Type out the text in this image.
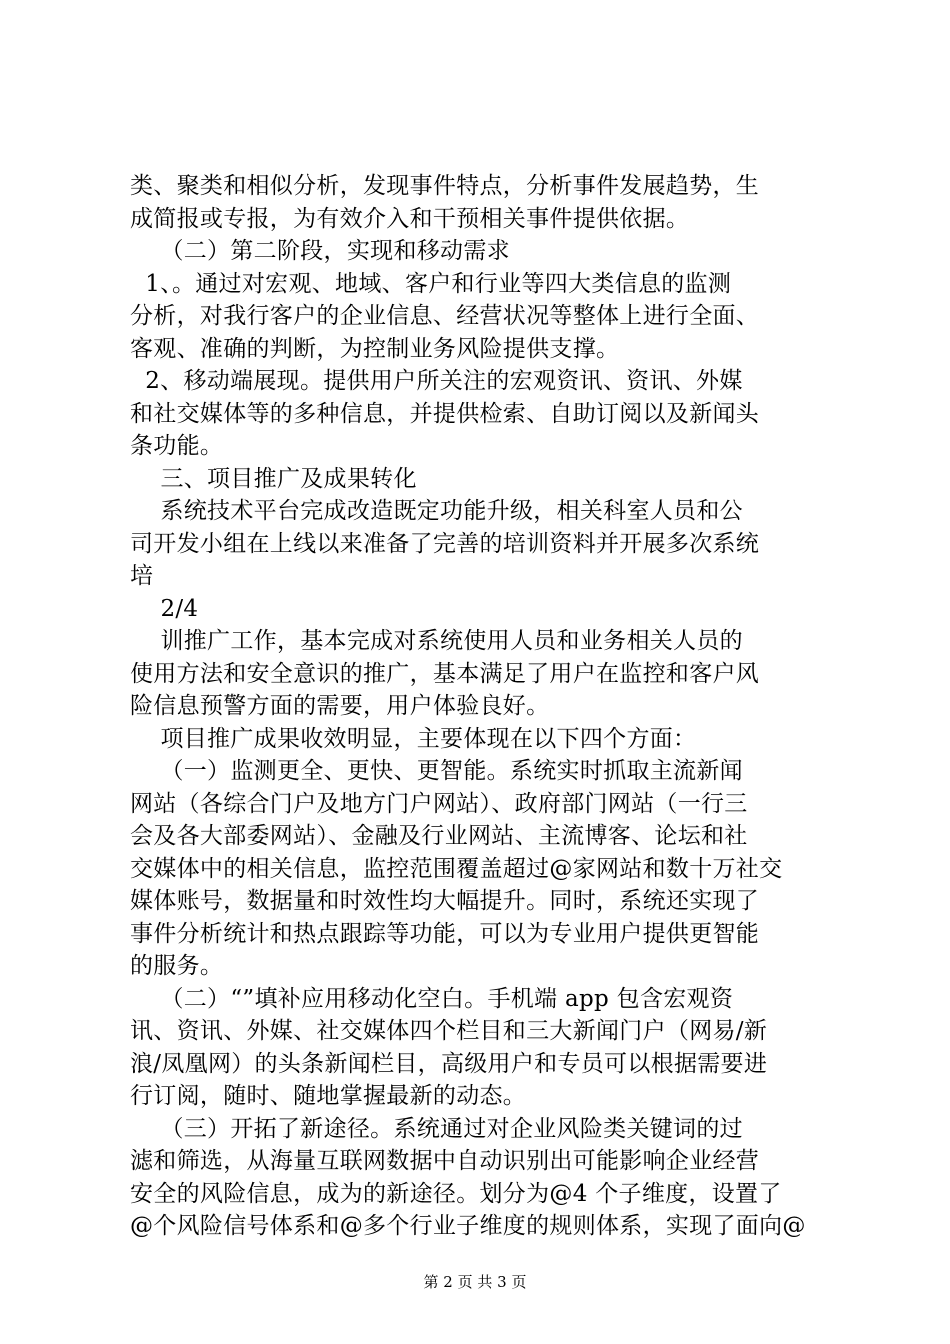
类、聚类和相似分析，发现事件特点，分析事件发展趋势，生
成简报或专报，为有效介入和干预相关事件提供依据。
（二）第二阶段，实现和移动需求
1、。通过对宏观、地域、客户和行业等四大类信息的监测
分析，对我行客户的企业信息、经营状况等整体上进行全面、
客观、准确的判断，为控制业务风险提供支撑。
2、移动端展现。提供用户所关注的宏观资讯、资讯、外媒
和社交媒体等的多种信息，并提供检索、自助订阅以及新闻头
条功能。
三、项目推广及成果转化
系统技术平台完成改造既定功能升级，相关科室人员和公
司开发小组在上线以来准备了完善的培训资料并开展多次系统
培
2/4
训推广工作，基本完成对系统使用人员和业务相关人员的
使用方法和安全意识的推广，基本满足了用户在监控和客户风
险信息预警方面的需要，用户体验良好。
项目推广成果收效明显，主要体现在以下四个方面：
（一）监测更全、更快、更智能。系统实时抓取主流新闻
网站（各综合门户及地方门户网站）、政府部门网站（一行三
会及各大部委网站）、金融及行业网站、主流博客、论坛和社
交媒体中的相关信息，监控范围覆盖超过@家网站和数十万社交
媒体账号，数据量和时效性均大幅提升。同时，系统还实现了
事件分析统计和热点跟踪等功能，可以为专业用户提供更智能
的服务。
（二）“”填补应用移动化空白。手机端 app 包含宏观资
讯、资讯、外媒、社交媒体四个栏目和三大新闻门户（网易/新
浪/凤凰网）的头条新闻栏目，高级用户和专员可以根据需要进
行订阅，随时、随地掌握最新的动态。
（三）开拓了新途径。系统通过对企业风险类关键词的过
滤和筛选，从海量互联网数据中自动识别出可能影响企业经营
安全的风险信息，成为的新途径。划分为@4 个子维度，设置了
@个风险信号体系和@多个行业子维度的规则体系，实现了面向@
第 2 页 共 3 页
